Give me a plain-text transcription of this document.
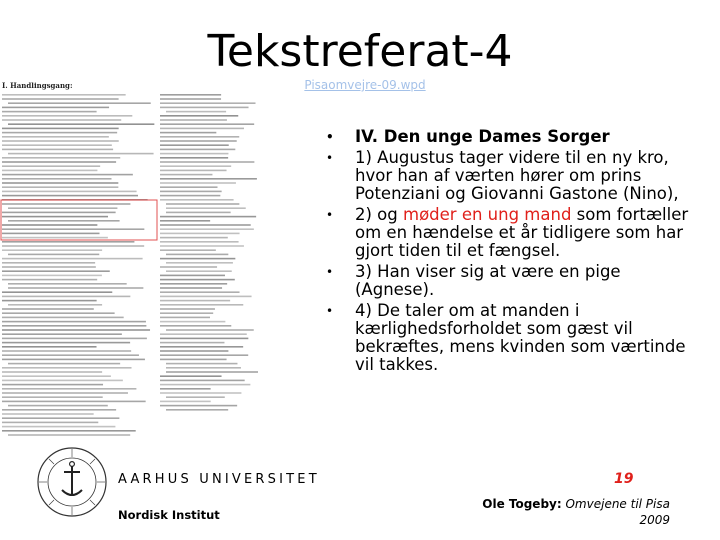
Tekstreferat-4
Pisaomvejre-09.wpd
I. Handlingsgang:
• IV. Den unge Dames Sorger
• 1) Augustus tager videre til en ny kro, hvor han af værten hører om prins Potenziani og Giovanni Gastone (Nino),
• 2) og møder en ung mand som fortæller om en hændelse et år tidligere som har gjort tiden til et fængsel.
• 3) Han viser sig at være en pige (Agnese).
• 4) De taler om at manden i kærlighedsforholdet som gæst vil bekræftes, mens kvinden som værtinde vil takkes.
AARHUS UNIVERSITET
Nordisk Institut
19
Ole Togeby: Omvejene til Pisa
2009
